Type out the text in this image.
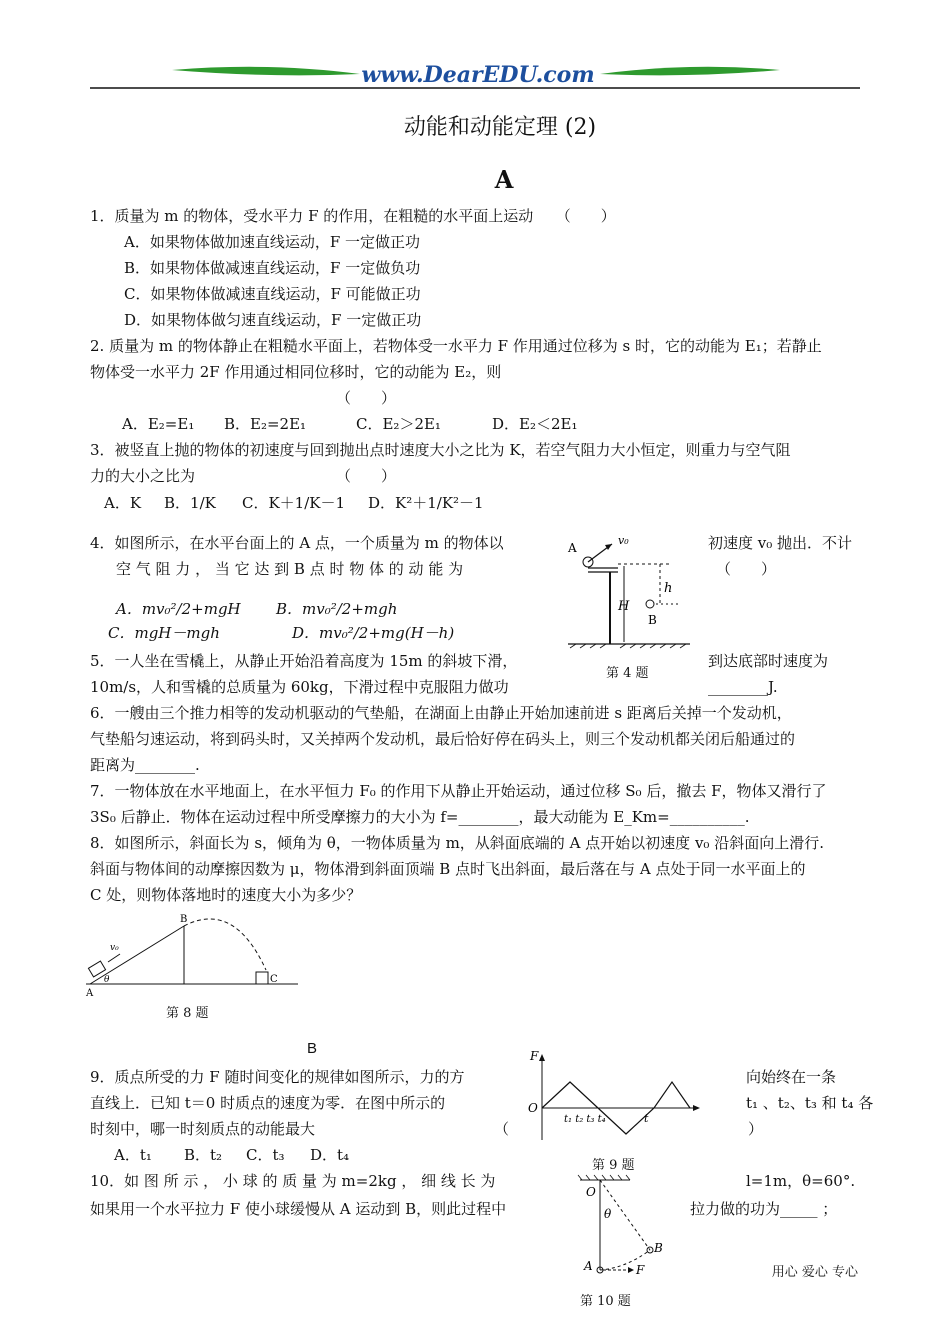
www.DearEDU.com
动能和动能定理 (2)
A
1．质量为 m 的物体，受水平力 F 的作用，在粗糙的水平面上运动　　（　　）
A．如果物体做加速直线运动，F 一定做正功
B．如果物体做减速直线运动，F 一定做负功
C．如果物体做减速直线运动，F 可能做正功
D．如果物体做匀速直线运动，F 一定做正功
2. 质量为 m 的物体静止在粗糙水平面上，若物体受一水平力 F 作用通过位移为 s 时，它的动能为 E₁；若静止
物体受一水平力 2F 作用通过相同位移时，它的动能为 E₂，则
（　　）
A．E₂=E₁ B．E₂=2E₁	C．E₂＞2E₁	D．E₂＜2E₁
3．被竖直上抛的物体的初速度与回到抛出点时速度大小之比为 K，若空气阻力大小恒定，则重力与空气阻
力的大小之比为	（　　）
A．K B．1/K C．K＋1/K－1 D．K²＋1/K²－1
4．如图所示，在水平台面上的 A 点，一个质量为 m 的物体以	初速度 v₀ 抛出．不计
空 气 阻 力 ， 当 它 达 到 B 点 时 物 体 的 动 能 为	（　　）
A．mv₀²/2+mgH B．mv₀²/2+mgh
C．mgH－mgh	D．mv₀²/2+mg(H－h)
A
v₀
h
H
B
第 4 题
5．一人坐在雪橇上，从静止开始沿着高度为 15m 的斜坡下滑，	到达底部时速度为
10m/s，人和雪橇的总质量为 60kg，下滑过程中克服阻力做功	________J.
6．一艘由三个推力相等的发动机驱动的气垫船，在湖面上由静止开始加速前进 s 距离后关掉一个发动机，
气垫船匀速运动，将到码头时，又关掉两个发动机，最后恰好停在码头上，则三个发动机都关闭后船通过的
距离为________.
7．一物体放在水平地面上，在水平恒力 F₀ 的作用下从静止开始运动，通过位移 S₀ 后，撤去 F，物体又滑行了
3S₀ 后静止．物体在运动过程中所受摩擦力的大小为 f=________，最大动能为 E_Km=__________.
8．如图所示，斜面长为 s，倾角为 θ，一物体质量为 m，从斜面底端的 A 点开始以初速度 v₀ 沿斜面向上滑行.
斜面与物体间的动摩擦因数为 μ，物体滑到斜面顶端 B 点时飞出斜面，最后落在与 A 点处于同一水平面上的
C 处，则物体落地时的速度大小为多少？
A
B
C
v₀
θ
第 8 题
B
9．质点所受的力 F 随时间变化的规律如图所示，力的方	向始终在一条
直线上．已知 t＝0 时质点的速度为零．在图中所示的	t₁ 、t₂、t₃ 和 t₄ 各
时刻中，哪一时刻质点的动能最大	（	）
A．t₁ B．t₂ C．t₃ D．t₄
F
O
t
t₁ t₂ t₃ t₄
第 9 题
10．如 图 所 示 ， 小 球 的 质 量 为 m=2kg ， 细 线 长 为	l=1m，θ=60°.
如果用一个水平拉力 F 使小球缓慢从 A 运动到 B，则此过程中	拉力做的功为_____ ；
O
θ
A
B
F
第 10 题
用心 爱心 专心
